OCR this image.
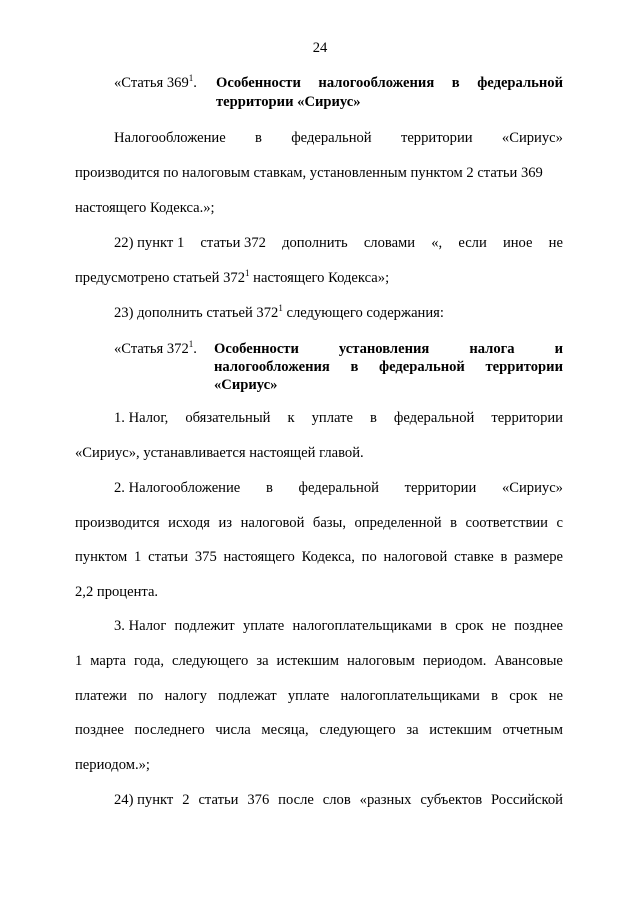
24
«Статья $369^1$. Особенности налогообложения в федеральной
территории «Сириус»
Налогообложение в федеральной территории «Сириус»
производится по налоговым ставкам, установленным пунктом 2 статьи 369
настоящего Кодекса.»;
22) пункт 1 статьи 372 дополнить словами «, если иное не
предусмотрено статьей $372^1$ настоящего Кодекса»;
23) дополнить статьей $372^1$ следующего содержания:
«Статья $372^1$. Особенности	установления	налога	и
налогообложения в федеральной территории
«Сириус»
1. Налог, обязательный к уплате в федеральной территории
«Сириус», устанавливается настоящей главой.
2. Налогообложение в федеральной территории «Сириус»
производится исходя из налоговой базы, определенной в соответствии с
пунктом 1 статьи 375 настоящего Кодекса, по налоговой ставке в размере
2,2 процента.
3. Налог подлежит уплате налогоплательщиками в срок не позднее
1 марта года, следующего за истекшим налоговым периодом. Авансовые
платежи по налогу подлежат уплате налогоплательщиками в срок не
позднее последнего числа месяца, следующего за истекшим отчетным
периодом.»;
24) пункт 2 статьи 376 после слов «разных субъектов Российской
